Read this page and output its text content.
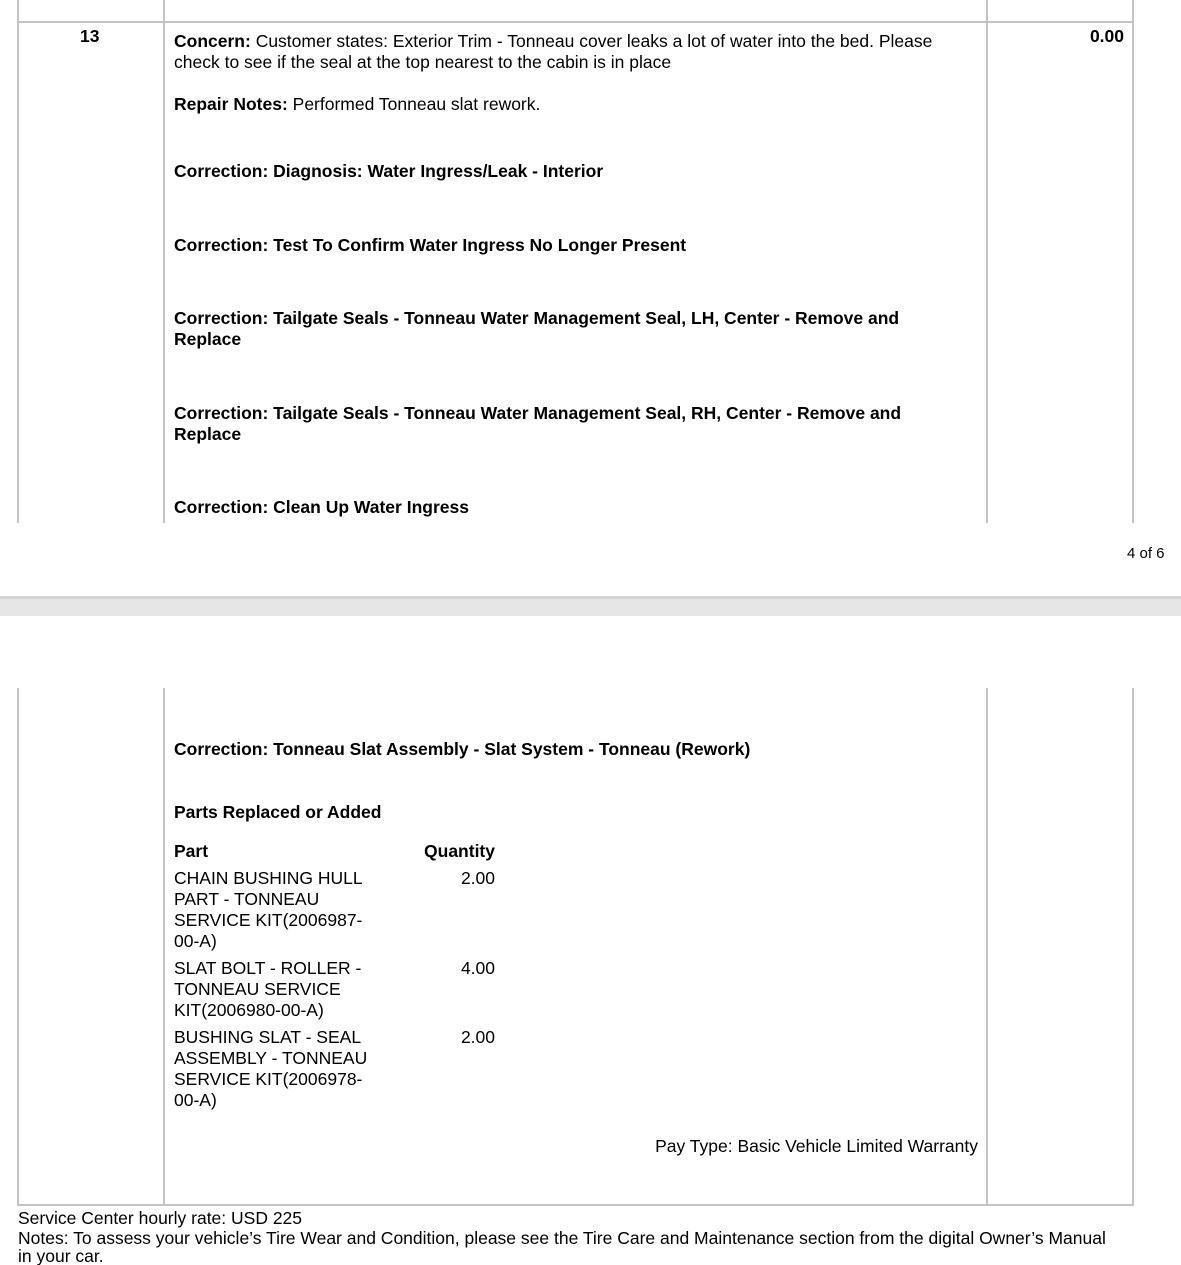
13	Concern: Customer states: Exterior Trim - Tonneau cover leaks a lot of water into the bed. Please check to see if the seal at the top nearest to the cabin is in place
Repair Notes: Performed Tonneau slat rework.
Correction: Diagnosis: Water Ingress/Leak - Interior
Correction: Test To Confirm Water Ingress No Longer Present
Correction: Tailgate Seals - Tonneau Water Management Seal, LH, Center - Remove and Replace
Correction: Tailgate Seals - Tonneau Water Management Seal, RH, Center - Remove and Replace
Correction: Clean Up Water Ingress
0.00
4 of 6
Correction: Tonneau Slat Assembly - Slat System - Tonneau (Rework)
Parts Replaced or Added
Part	Quantity
CHAIN BUSHING HULL PART - TONNEAU SERVICE KIT(2006987-00-A)
2.00
SLAT BOLT - ROLLER - TONNEAU SERVICE KIT(2006980-00-A)
4.00
BUSHING SLAT - SEAL ASSEMBLY - TONNEAU SERVICE KIT(2006978-00-A)
2.00
Pay Type: Basic Vehicle Limited Warranty
Service Center hourly rate: USD 225
Notes: To assess your vehicle’s Tire Wear and Condition, please see the Tire Care and Maintenance section from the digital Owner’s Manual in your car.
